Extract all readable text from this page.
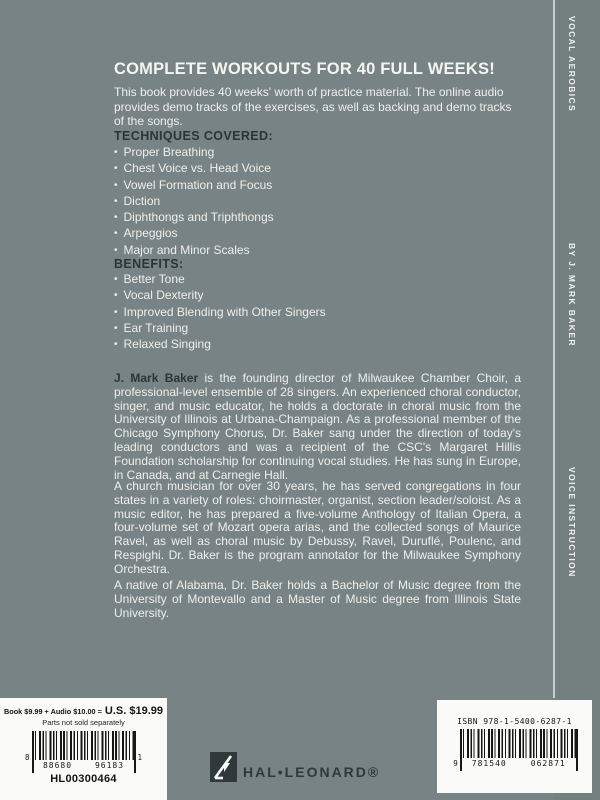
VOCAL AEROBICS
BY J. MARK BAKER
VOICE INSTRUCTION
COMPLETE WORKOUTS FOR 40 FULL WEEKS!

This book provides 40 weeks' worth of practice material. The online audio provides demo tracks of the exercises, as well as backing and demo tracks of the songs.

TECHNIQUES COVERED:
• Proper Breathing
• Chest Voice vs. Head Voice
• Vowel Formation and Focus
• Diction
• Diphthongs and Triphthongs
• Arpeggios
• Major and Minor Scales
BENEFITS:
• Better Tone
• Vocal Dexterity
• Improved Blending with Other Singers
• Ear Training
• Relaxed Singing

J. Mark Baker is the founding director of Milwaukee Chamber Choir, a professional-level ensemble of 28 singers. An experienced choral conductor, singer, and music educator, he holds a doctorate in choral music from the University of Illinois at Urbana-Champaign. As a professional member of the Chicago Symphony Chorus, Dr. Baker sang under the direction of today's leading conductors and was a recipient of the CSC's Margaret Hillis Foundation scholarship for continuing vocal studies. He has sung in Europe, in Canada, and at Carnegie Hall.

A church musician for over 30 years, he has served congregations in four states in a variety of roles: choirmaster, organist, section leader/soloist. As a music editor, he has prepared a five-volume Anthology of Italian Opera, a four-volume set of Mozart opera arias, and the collected songs of Maurice Ravel, as well as choral music by Debussy, Ravel, Duruflé, Poulenc, and Respighi. Dr. Baker is the program annotator for the Milwaukee Symphony Orchestra.

A native of Alabama, Dr. Baker holds a Bachelor of Music degree from the University of Montevallo and a Master of Music degree from Illinois State University.

Book $9.99 + Audio $10.00 = U.S. $19.99
Parts not sold separately
8
88680	96183
1
HL00300464	HAL•LEONARD®
ISBN 978-1-5400-6287-1
9 781540	062871
